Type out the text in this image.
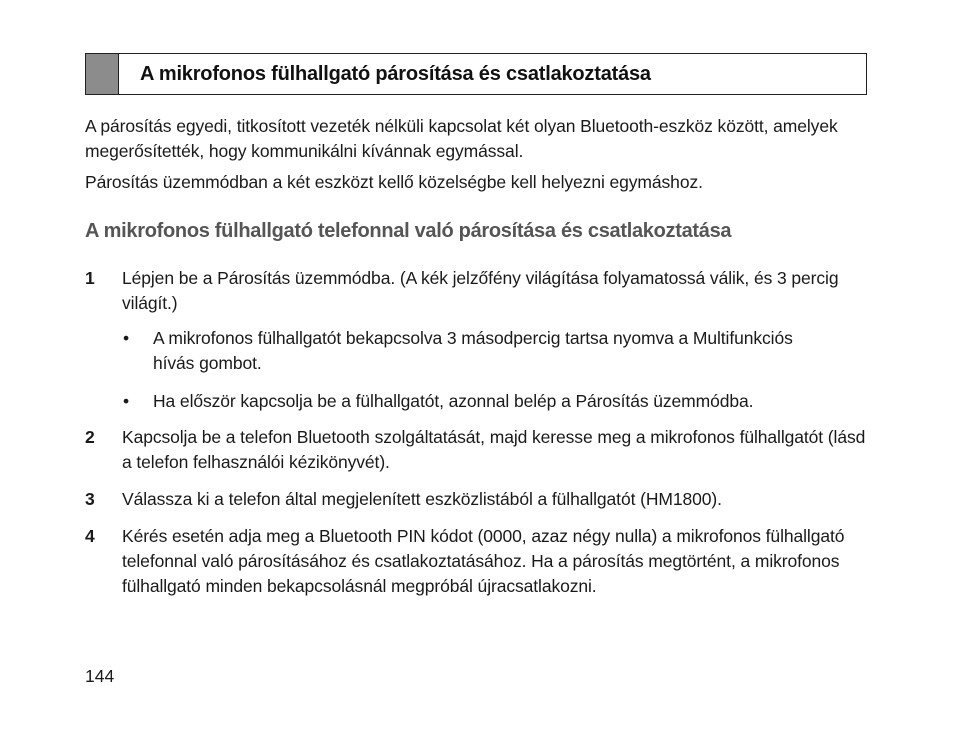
A mikrofonos fülhallgató párosítása és csatlakoztatása
A párosítás egyedi, titkosított vezeték nélküli kapcsolat két olyan Bluetooth-eszköz között, amelyek megerősítették, hogy kommunikálni kívánnak egymással.
Párosítás üzemmódban a két eszközt kellő közelségbe kell helyezni egymáshoz.
A mikrofonos fülhallgató telefonnal való párosítása és csatlakoztatása
1 Lépjen be a Párosítás üzemmódba. (A kék jelzőfény világítása folyamatossá válik, és 3 percig világít.)
• A mikrofonos fülhallgatót bekapcsolva 3 másodpercig tartsa nyomva a Multifunkciós hívás gombot.
• Ha először kapcsolja be a fülhallgatót, azonnal belép a Párosítás üzemmódba.
2 Kapcsolja be a telefon Bluetooth szolgáltatását, majd keresse meg a mikrofonos fülhallgatót (lásd a telefon felhasználói kézikönyvét).
3 Válassza ki a telefon által megjelenített eszközlistából a fülhallgatót (HM1800).
4 Kérés esetén adja meg a Bluetooth PIN kódot (0000, azaz négy nulla) a mikrofonos fülhallgató telefonnal való párosításához és csatlakoztatásához. Ha a párosítás megtörtént, a mikrofonos fülhallgató minden bekapcsolásnál megpróbál újracsatlakozni.
144
